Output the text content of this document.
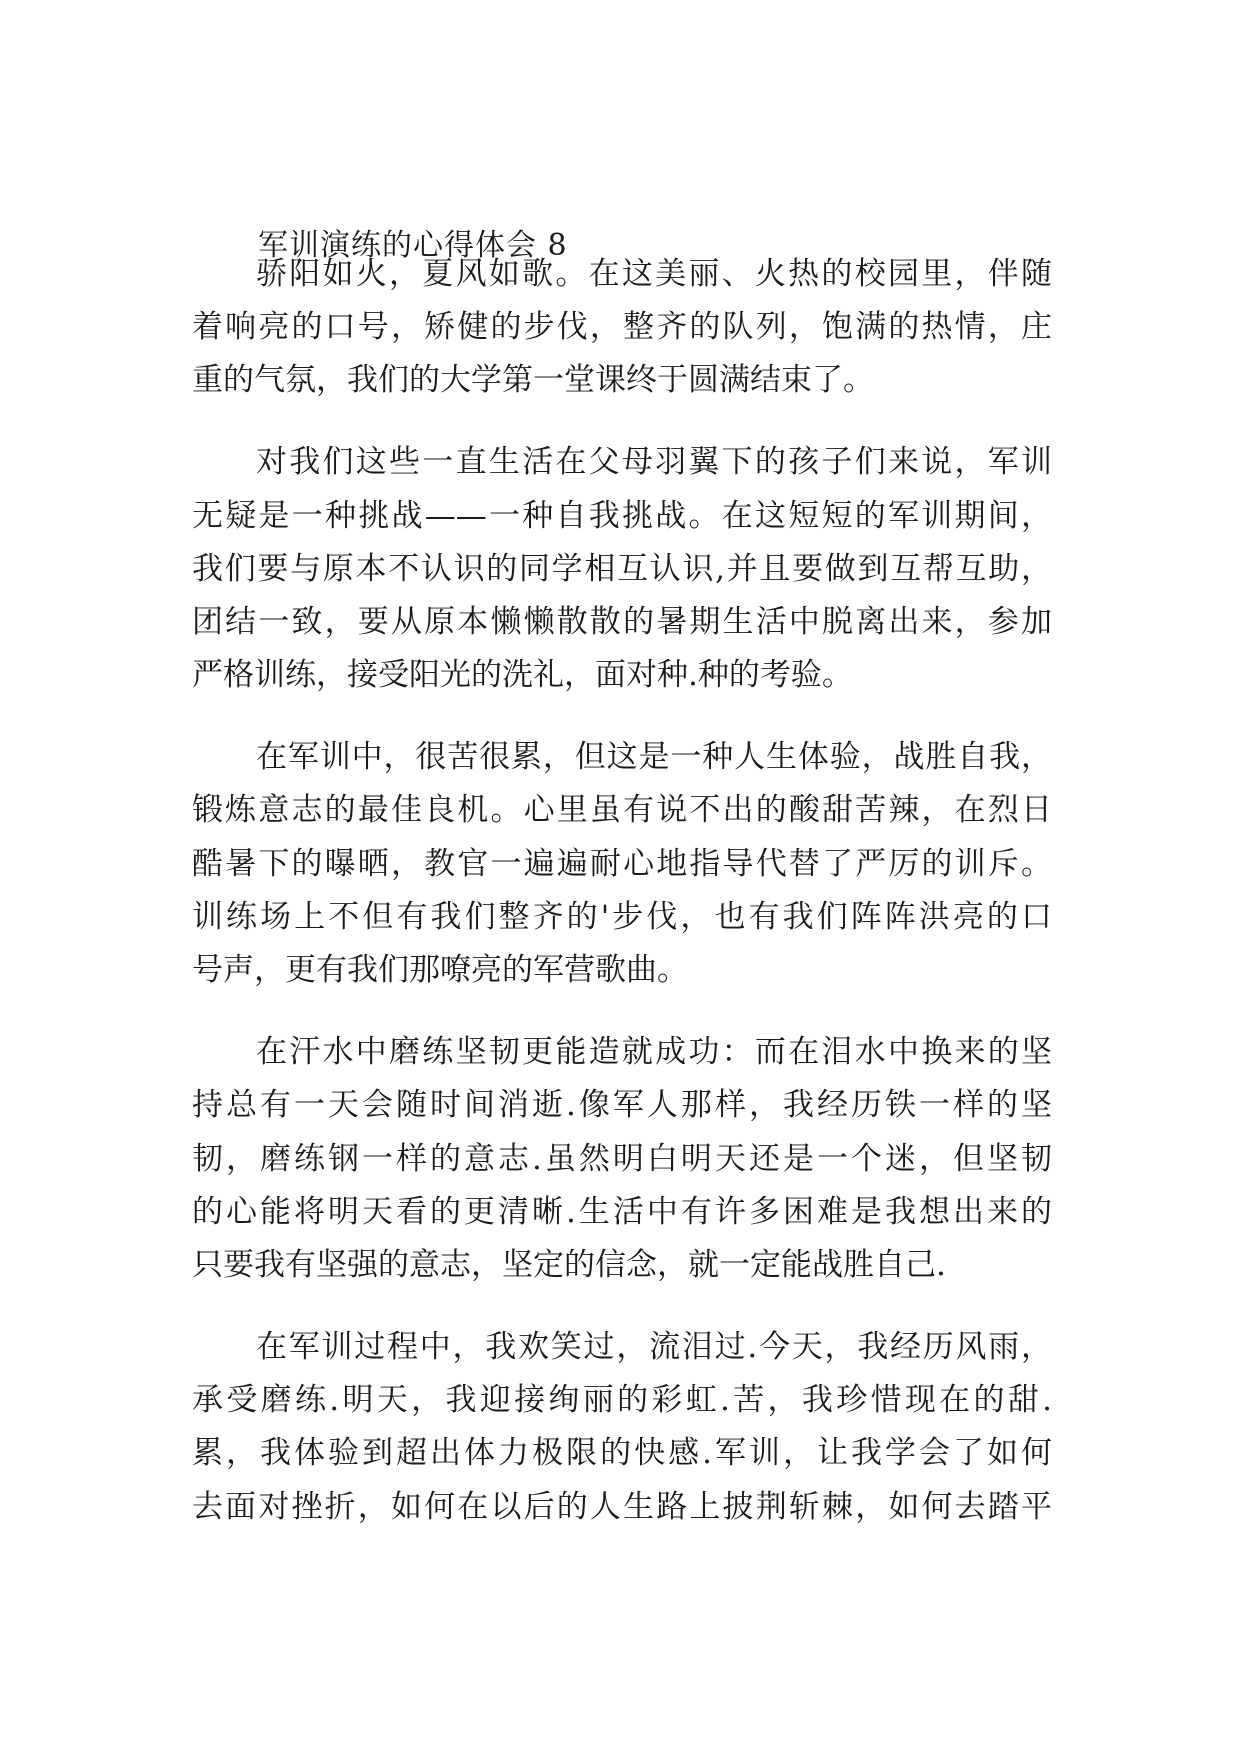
军训演练的心得体会 8

骄阳如火，夏风如歌。在这美丽、火热的校园里，伴随

着响亮的口号，矫健的步伐，整齐的队列，饱满的热情，庄

重的气氛，我们的大学第一堂课终于圆满结束了。

对我们这些一直生活在父母羽翼下的孩子们来说，军训

无疑是一种挑战——一种自我挑战。在这短短的军训期间，

我们要与原本不认识的同学相互认识,并且要做到互帮互助，

团结一致，要从原本懒懒散散的暑期生活中脱离出来，参加

严格训练，接受阳光的洗礼，面对种.种的考验。

在军训中，很苦很累，但这是一种人生体验，战胜自我，

锻炼意志的最佳良机。心里虽有说不出的酸甜苦辣，在烈日

酷暑下的曝晒，教官一遍遍耐心地指导代替了严厉的训斥。

训练场上不但有我们整齐的'步伐，也有我们阵阵洪亮的口

号声，更有我们那嘹亮的军营歌曲。

在汗水中磨练坚韧更能造就成功：而在泪水中换来的坚

持总有一天会随时间消逝.像军人那样，我经历铁一样的坚

韧，磨练钢一样的意志.虽然明白明天还是一个迷，但坚韧

的心能将明天看的更清晰.生活中有许多困难是我想出来的

只要我有坚强的意志，坚定的信念，就一定能战胜自己.

在军训过程中，我欢笑过，流泪过.今天，我经历风雨，

承受磨练.明天，我迎接绚丽的彩虹.苦，我珍惜现在的甜.

累，我体验到超出体力极限的快感.军训，让我学会了如何

去面对挫折，如何在以后的人生路上披荆斩棘，如何去踏平
